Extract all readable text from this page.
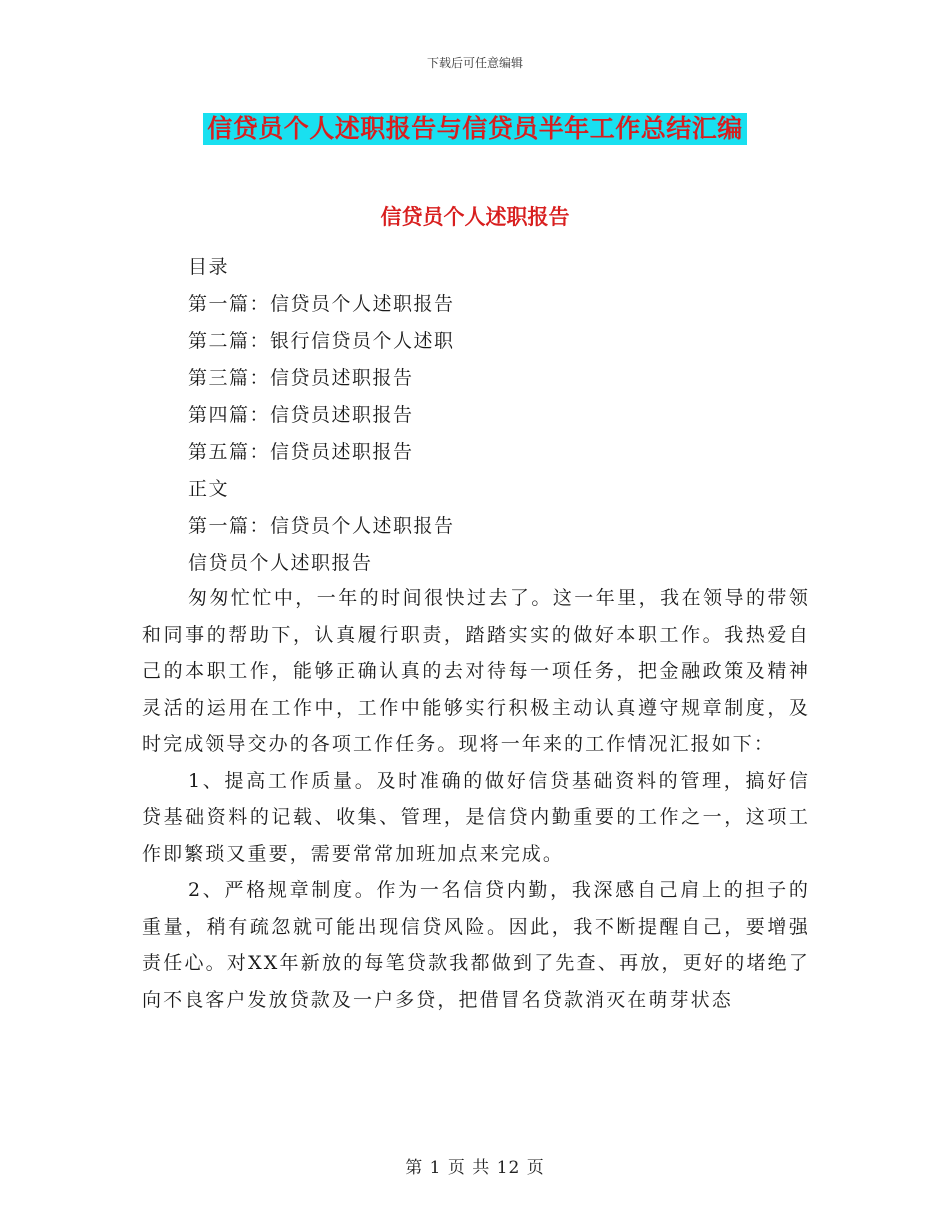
下载后可任意编辑
信贷员个人述职报告与信贷员半年工作总结汇编
信贷员个人述职报告
目录
第一篇：信贷员个人述职报告
第二篇：银行信贷员个人述职
第三篇：信贷员述职报告
第四篇：信贷员述职报告
第五篇：信贷员述职报告
正文
第一篇：信贷员个人述职报告
信贷员个人述职报告

匆匆忙忙中，一年的时间很快过去了。这一年里，我在领导的带领和同事的帮助下，认真履行职责，踏踏实实的做好本职工作。我热爱自己的本职工作，能够正确认真的去对待每一项任务，把金融政策及精神灵活的运用在工作中，工作中能够实行积极主动认真遵守规章制度，及时完成领导交办的各项工作任务。现将一年来的工作情况汇报如下：

1、提高工作质量。及时准确的做好信贷基础资料的管理，搞好信贷基础资料的记载、收集、管理，是信贷内勤重要的工作之一，这项工作即繁琐又重要，需要常常加班加点来完成。

2、严格规章制度。作为一名信贷内勤，我深感自己肩上的担子的重量，稍有疏忽就可能出现信贷风险。因此，我不断提醒自己，要增强责任心。对XX年新放的每笔贷款我都做到了先查、再放，更好的堵绝了向不良客户发放贷款及一户多贷，把借冒名贷款消灭在萌芽状态

第 1 页 共 12 页
